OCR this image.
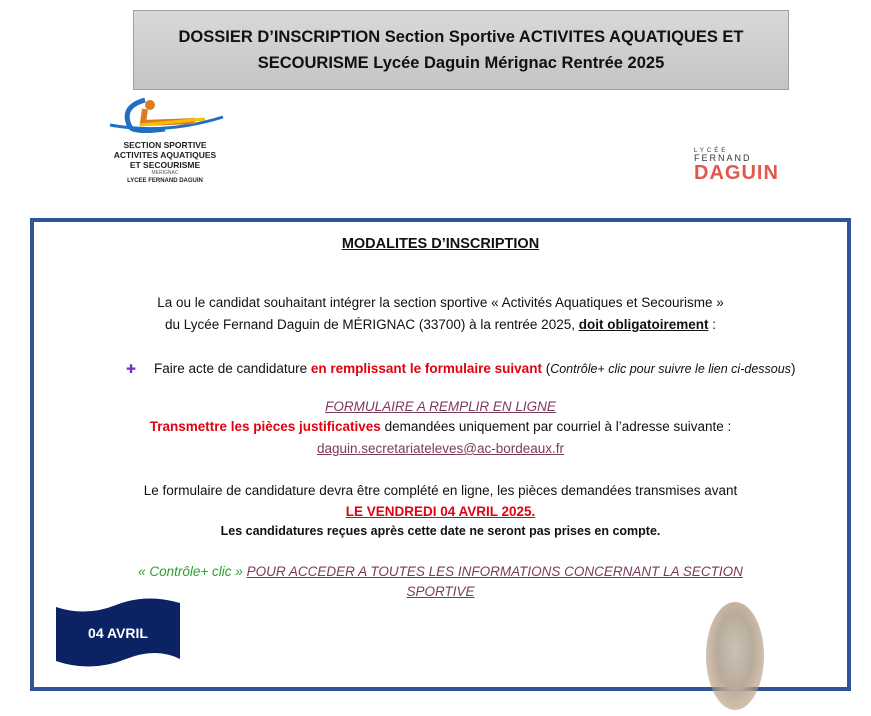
DOSSIER D’INSCRIPTION Section Sportive ACTIVITES AQUATIQUES ET SECOURISME Lycée Daguin Mérignac Rentrée 2025
SECTION SPORTIVE
ACTIVITES AQUATIQUES
ET SECOURISME
MERIGNAC
LYCEE FERNAND DAGUIN
LYCÉE
FERNAND
DAGUIN
MODALITES D’INSCRIPTION
La ou le candidat souhaitant intégrer la section sportive « Activités Aquatiques et Secourisme »
du Lycée Fernand Daguin de MÉRIGNAC (33700) à la rentrée 2025, doit obligatoirement :
✚ Faire acte de candidature en remplissant le formulaire suivant (Contrôle+ clic pour suivre le lien ci-dessous)
FORMULAIRE A REMPLIR EN LIGNE
Transmettre les pièces justificatives demandées uniquement par courriel à l’adresse suivante :
daguin.secretariateleves@ac-bordeaux.fr
Le formulaire de candidature devra être complété en ligne, les pièces demandées transmises avant
LE VENDREDI 04 AVRIL 2025.
Les candidatures reçues après cette date ne seront pas prises en compte.
« Contrôle+ clic » POUR ACCEDER A TOUTES LES INFORMATIONS CONCERNANT LA SECTION SPORTIVE
04 AVRIL
